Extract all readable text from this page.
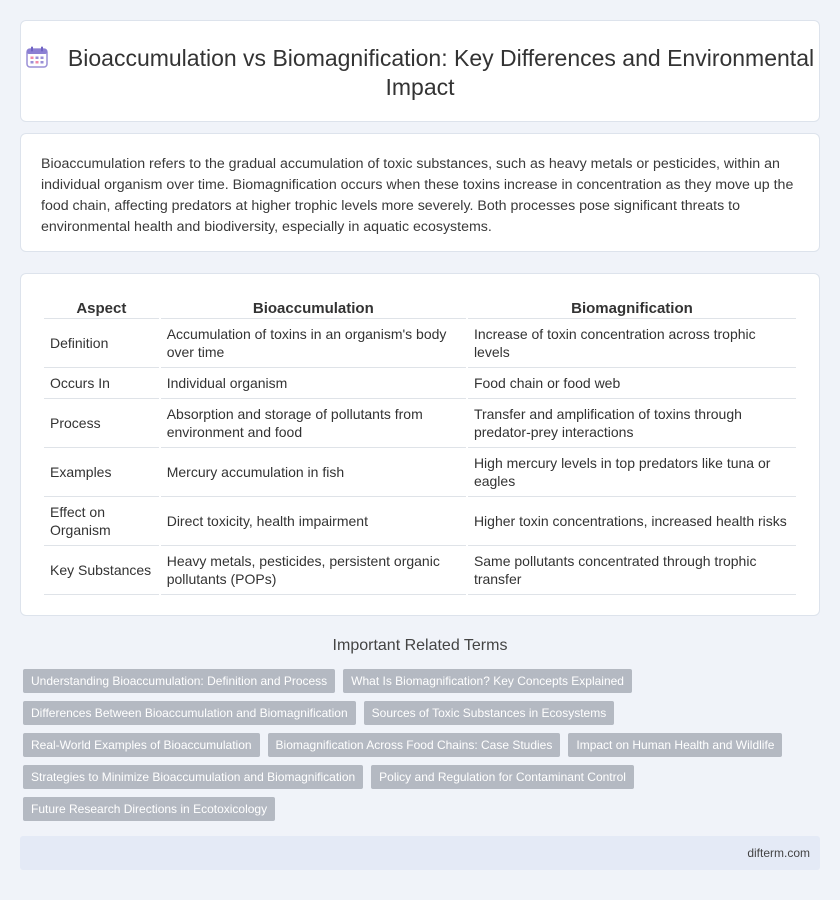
Bioaccumulation vs Biomagnification: Key Differences and Environmental Impact

Bioaccumulation refers to the gradual accumulation of toxic substances, such as heavy metals or pesticides, within an individual organism over time. Biomagnification occurs when these toxins increase in concentration as they move up the food chain, affecting predators at higher trophic levels more severely. Both processes pose significant threats to environmental health and biodiversity, especially in aquatic ecosystems.

Aspect	Bioaccumulation	Biomagnification
Definition	Accumulation of toxins in an organism's body over time	Increase of toxin concentration across trophic levels
Occurs In	Individual organism	Food chain or food web
Process	Absorption and storage of pollutants from environment and food	Transfer and amplification of toxins through predator-prey interactions
Examples	Mercury accumulation in fish	High mercury levels in top predators like tuna or eagles
Effect on Organism	Direct toxicity, health impairment	Higher toxin concentrations, increased health risks
Key Substances	Heavy metals, pesticides, persistent organic pollutants (POPs)	Same pollutants concentrated through trophic transfer
Important Related Terms
Understanding Bioaccumulation: Definition and Process	What Is Biomagnification? Key Concepts Explained
Differences Between Bioaccumulation and Biomagnification	Sources of Toxic Substances in Ecosystems
Real-World Examples of Bioaccumulation	Biomagnification Across Food Chains: Case Studies	Impact on Human Health and Wildlife
Strategies to Minimize Bioaccumulation and Biomagnification	Policy and Regulation for Contaminant Control
Future Research Directions in Ecotoxicology
difterm.com
